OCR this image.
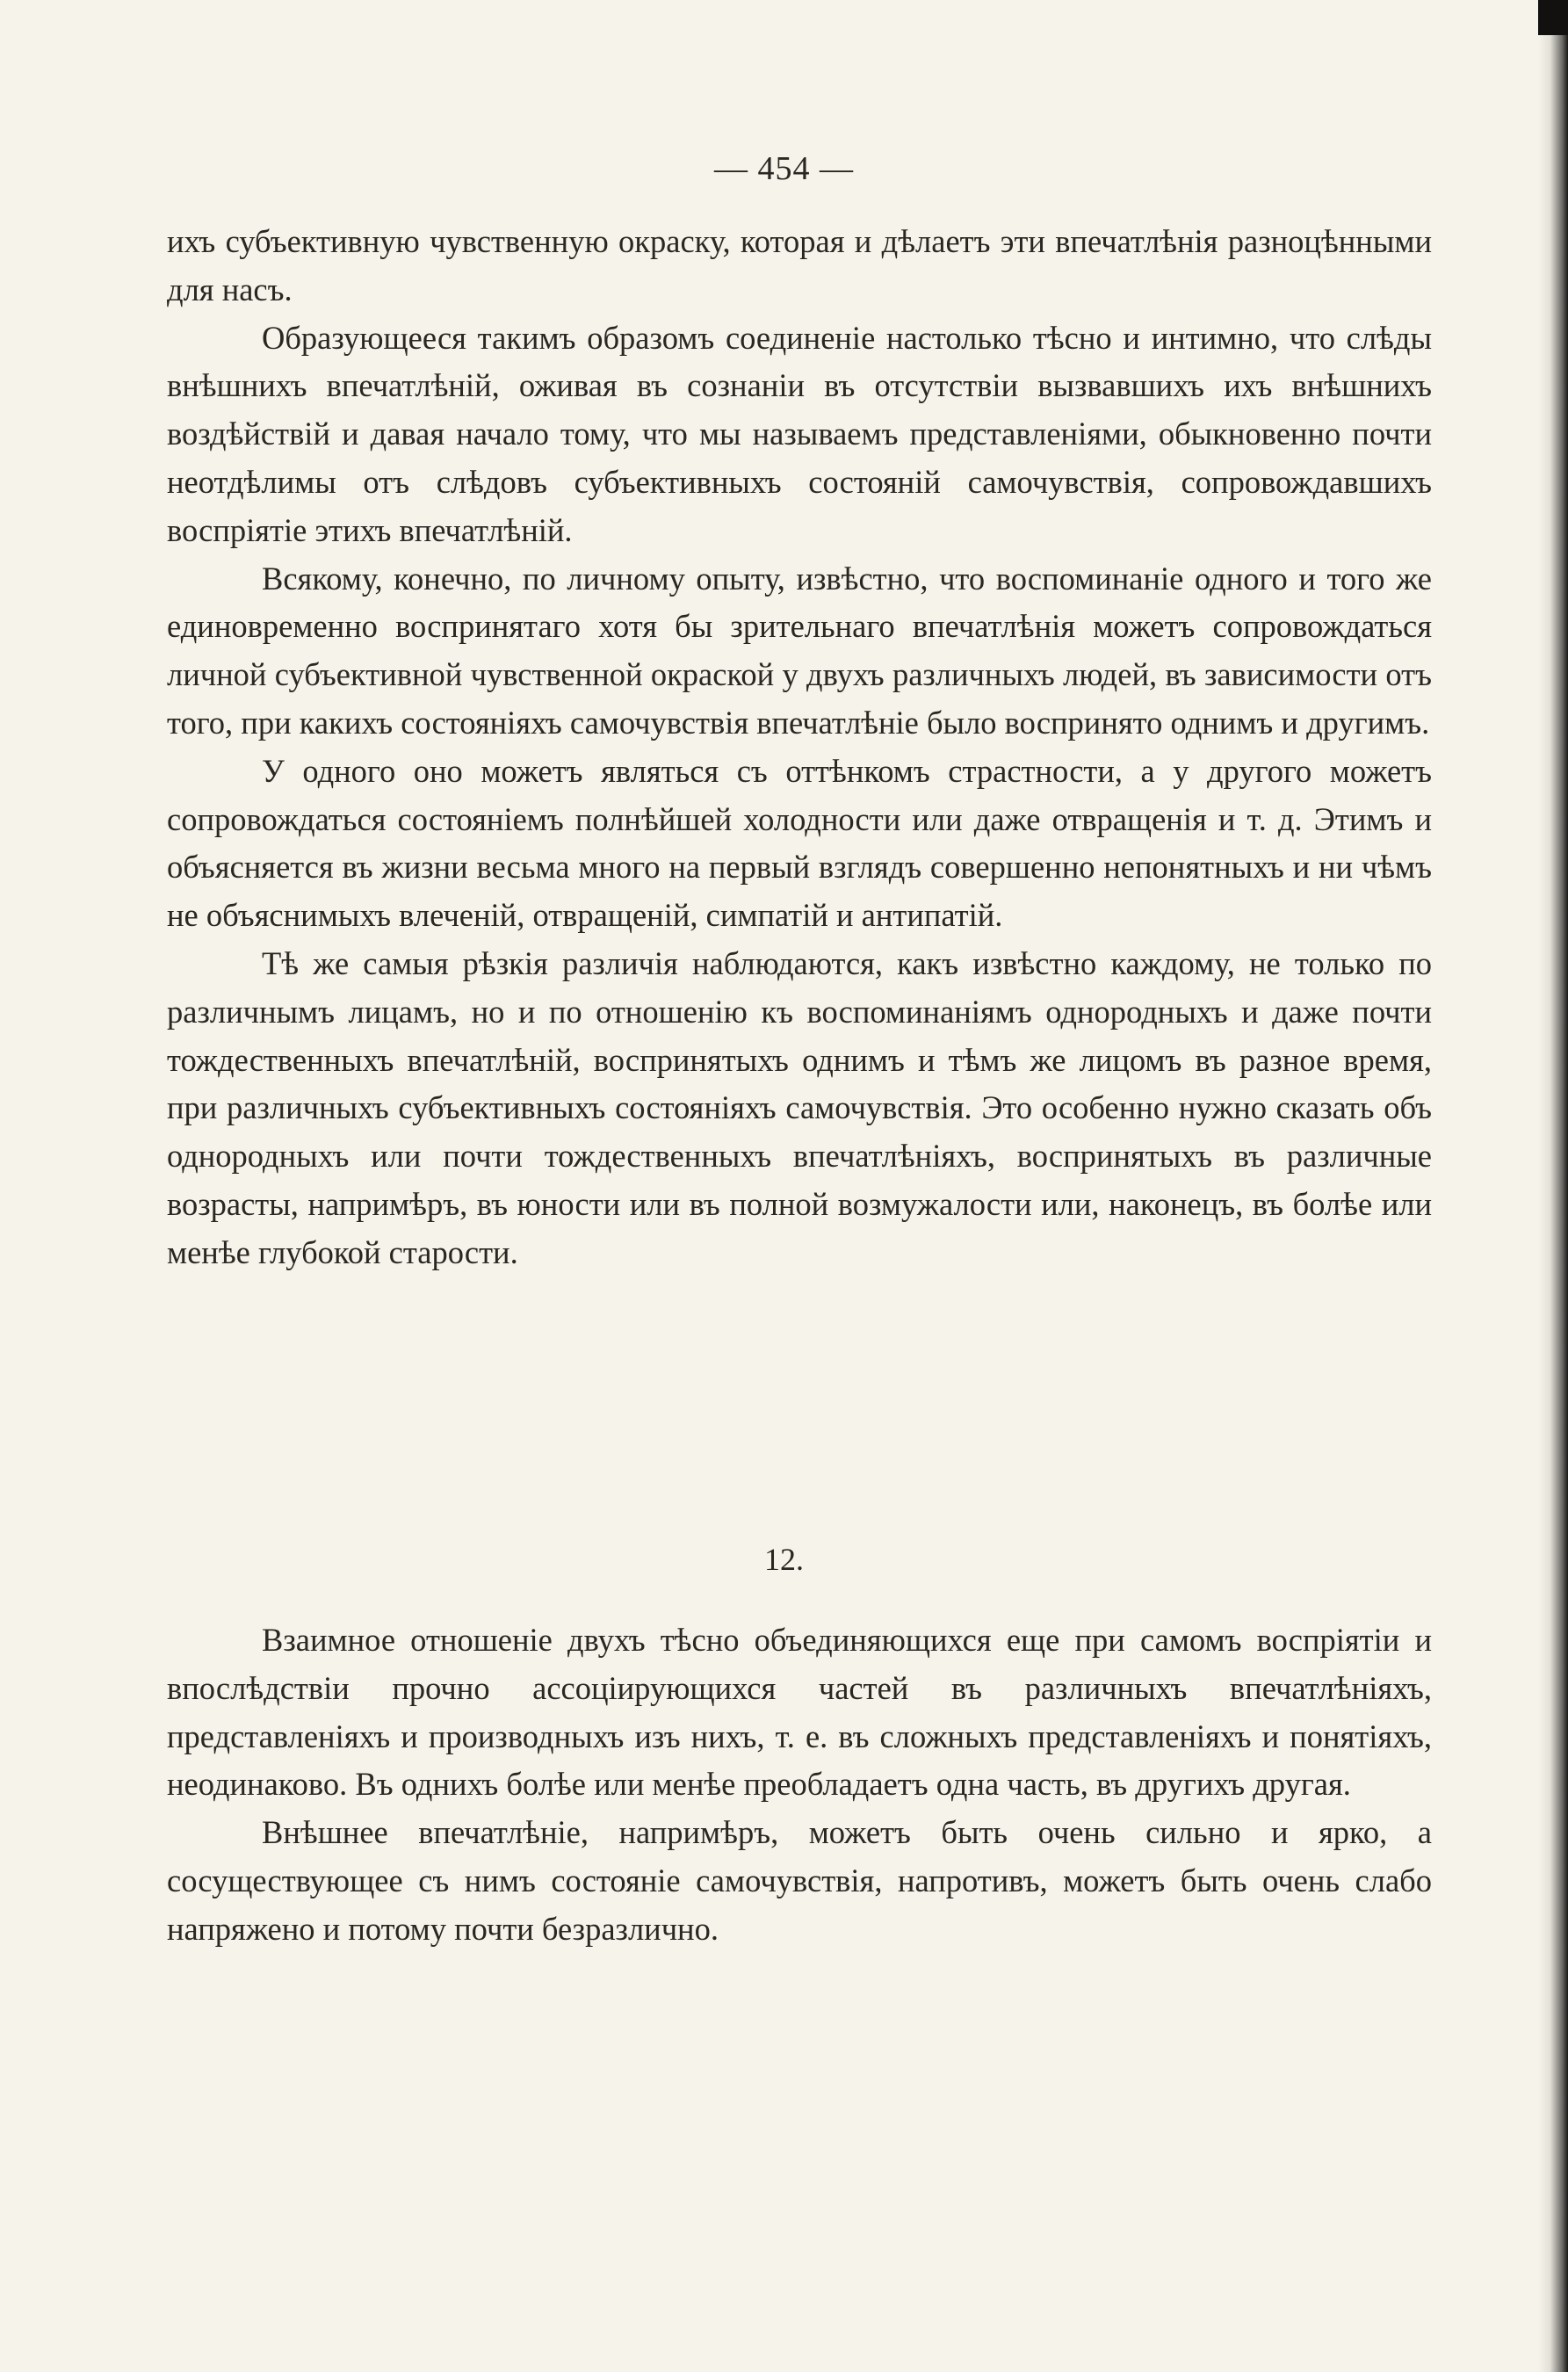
— 454 —

ихъ субъективную чувственную окраску, которая и дѣлаетъ эти впечатлѣнія разноцѣнными для насъ.

Образующееся такимъ образомъ соединеніе настолько тѣсно и интимно, что слѣды внѣшнихъ впечатлѣній, оживая въ сознаніи въ отсутствіи вызвавшихъ ихъ внѣшнихъ воздѣйствій и давая начало тому, что мы называемъ представленіями, обыкновенно почти неотдѣлимы отъ слѣдовъ субъективныхъ состояній самочувствія, сопровождавшихъ воспріятіе этихъ впечатлѣній.

Всякому, конечно, по личному опыту, извѣстно, что воспоминаніе одного и того же единовременно воспринятаго хотя бы зрительнаго впечатлѣнія можетъ сопровождаться личной субъективной чувственной окраской у двухъ различныхъ людей, въ зависимости отъ того, при какихъ состояніяхъ самочувствія впечатлѣніе было воспринято однимъ и другимъ.

У одного оно можетъ являться съ оттѣнкомъ страстности, а у другого можетъ сопровождаться состояніемъ полнѣйшей холодности или даже отвращенія и т. д. Этимъ и объясняется въ жизни весьма много на первый взглядъ совершенно непонятныхъ и ни чѣмъ не объяснимыхъ влеченій, отвращеній, симпатій и антипатій.

Тѣ же самыя рѣзкія различія наблюдаются, какъ извѣстно каждому, не только по различнымъ лицамъ, но и по отношенію къ воспоминаніямъ однородныхъ и даже почти тождественныхъ впечатлѣній, воспринятыхъ однимъ и тѣмъ же лицомъ въ разное время, при различныхъ субъективныхъ состояніяхъ самочувствія. Это особенно нужно сказать объ однородныхъ или почти тождественныхъ впечатлѣніяхъ, воспринятыхъ въ различные возрасты, напримѣръ, въ юности или въ полной возмужалости или, наконецъ, въ болѣе или менѣе глубокой старости.

12.

Взаимное отношеніе двухъ тѣсно объединяющихся еще при самомъ воспріятіи и впослѣдствіи прочно ассоціирующихся частей въ различныхъ впечатлѣніяхъ, представленіяхъ и производныхъ изъ нихъ, т. е. въ сложныхъ представленіяхъ и понятіяхъ, неодинаково. Въ однихъ болѣе или менѣе преобладаетъ одна часть, въ другихъ другая.

Внѣшнее впечатлѣніе, напримѣръ, можетъ быть очень сильно и ярко, а сосуществующее съ нимъ состояніе самочувствія, напротивъ, можетъ быть очень слабо напряжено и потому почти безразлично.
